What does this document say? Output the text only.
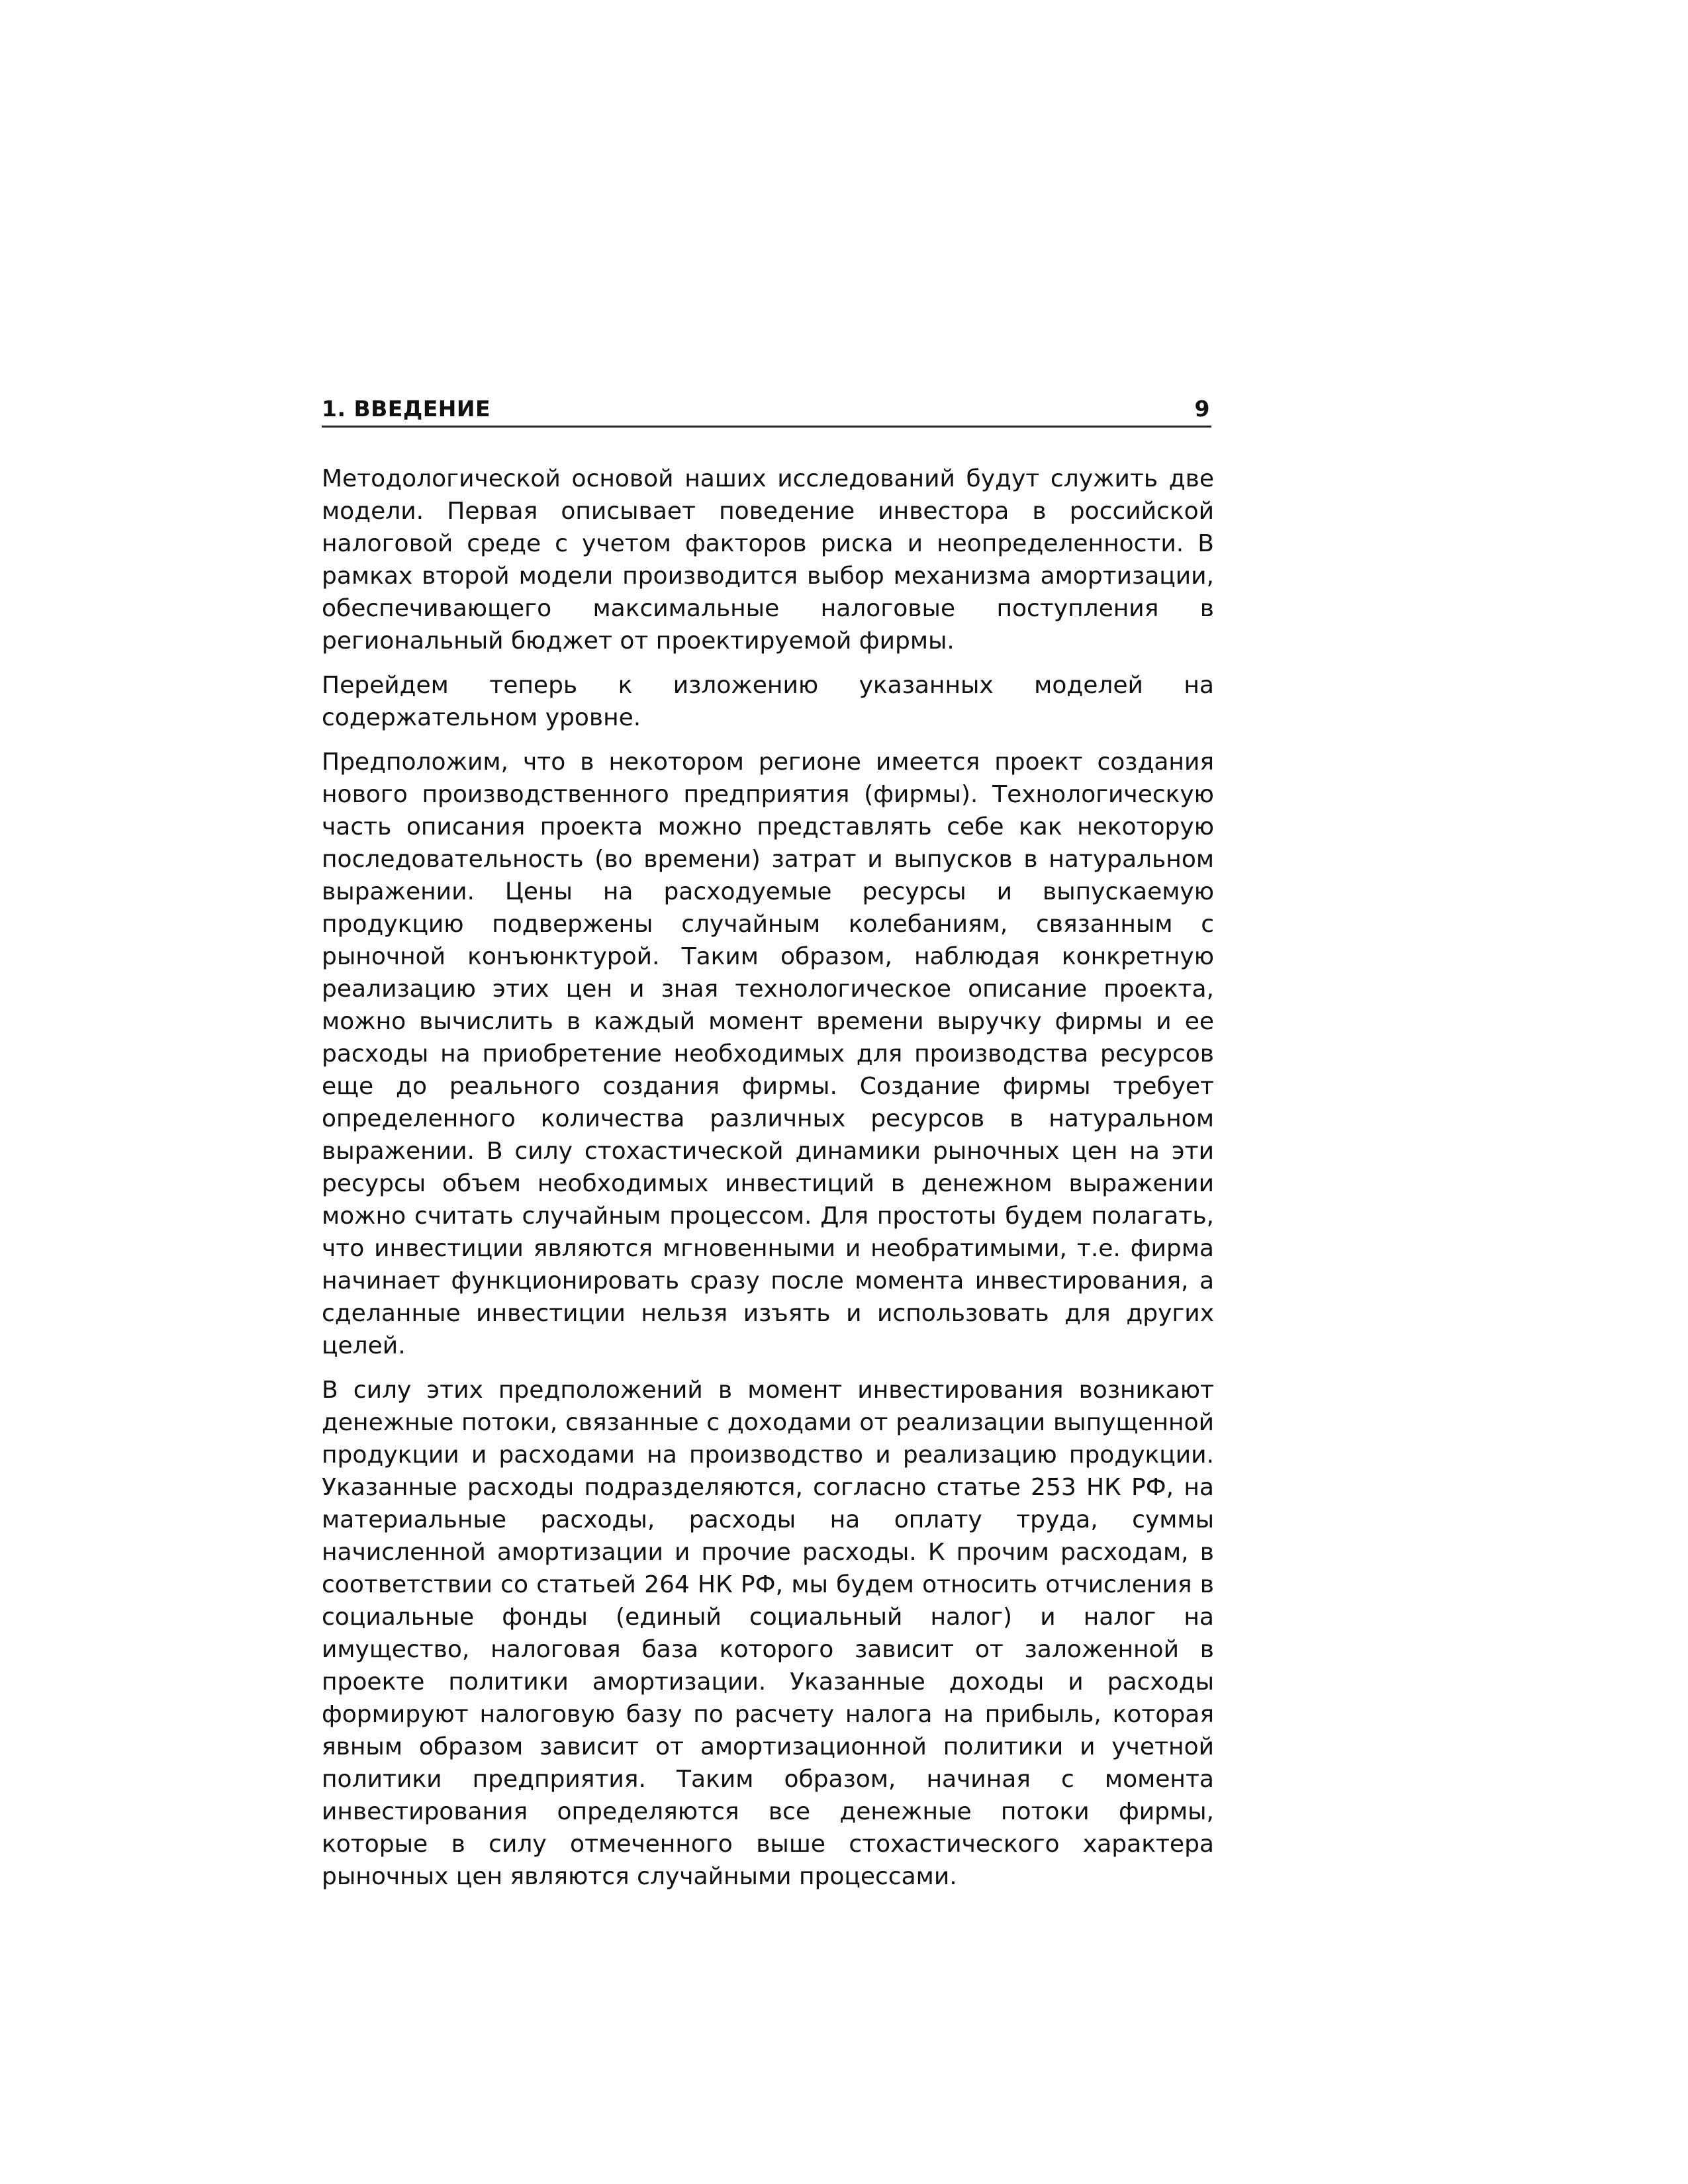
1. ВВЕДЕНИЕ	9

Методологической основой наших исследований будут служить две модели. Первая описывает поведение инвестора в российской налоговой среде с учетом факторов риска и неопределенности. В рамках второй модели производится выбор механизма амортизации, обеспечивающего максимальные налоговые поступления в региональный бюджет от проектируемой фирмы.

Перейдем теперь к изложению указанных моделей на содержательном уровне.

Предположим, что в некотором регионе имеется проект создания нового производственного предприятия (фирмы). Технологическую часть описания проекта можно представлять себе как некоторую последовательность (во времени) затрат и выпусков в натуральном выражении. Цены на расходуемые ресурсы и выпускаемую продукцию подвержены случайным колебаниям, связанным с рыночной конъюнктурой. Таким образом, наблюдая конкретную реализацию этих цен и зная технологическое описание проекта, можно вычислить в каждый момент времени выручку фирмы и ее расходы на приобретение необходимых для производства ресурсов еще до реального создания фирмы. Создание фирмы требует определенного количества различных ресурсов в натуральном выражении. В силу стохастической динамики рыночных цен на эти ресурсы объем необходимых инвестиций в денежном выражении можно считать случайным процессом. Для простоты будем полагать, что инвестиции являются мгновенными и необратимыми, т.е. фирма начинает функционировать сразу после момента инвестирования, а сделанные инвестиции нельзя изъять и использовать для других целей.

В силу этих предположений в момент инвестирования возникают денежные потоки, связанные с доходами от реализации выпущенной продукции и расходами на производство и реализацию продукции. Указанные расходы подразделяются, согласно статье 253 НК РФ, на материальные расходы, расходы на оплату труда, суммы начисленной амортизации и прочие расходы. К прочим расходам, в соответствии со статьей 264 НК РФ, мы будем относить отчисления в социальные фонды (единый социальный налог) и налог на имущество, налоговая база которого зависит от заложенной в проекте политики амортизации. Указанные доходы и расходы формируют налоговую базу по расчету налога на прибыль, которая явным образом зависит от амортизационной политики и учетной политики предприятия. Таким образом, начиная с момента инвестирования определяются все денежные потоки фирмы, которые в силу отмеченного выше стохастического характера рыночных цен являются случайными процессами.
